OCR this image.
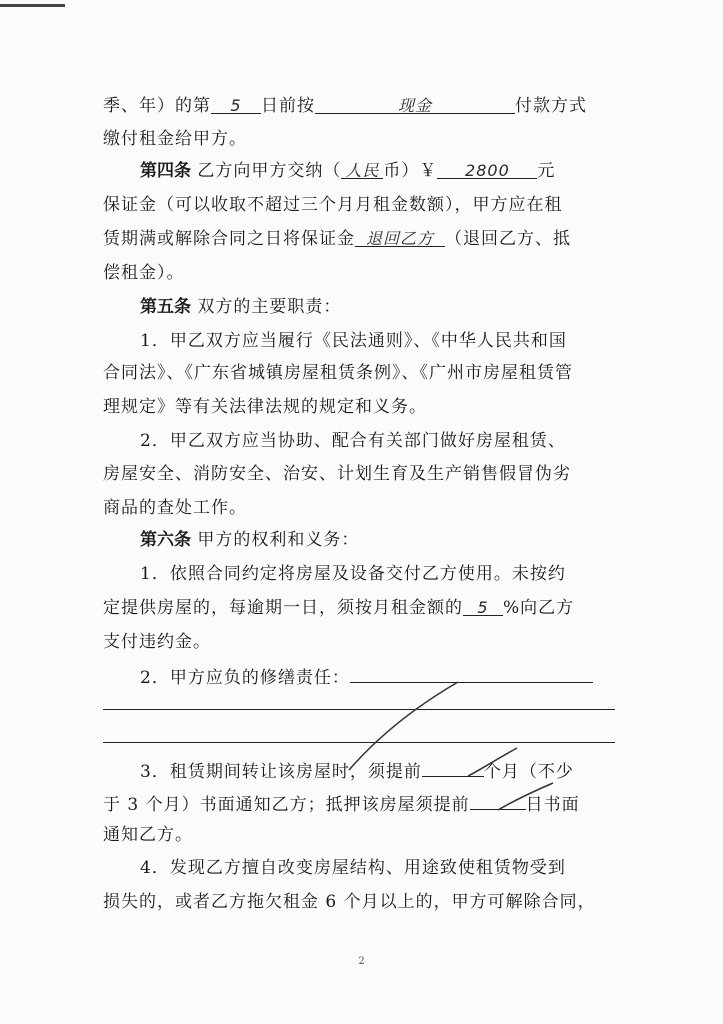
季、年）的第 5 日前按	现金	付款方式
缴付租金给甲方。
第四条 乙方向甲方交纳（ 人民 币）￥ 2800 元
保证金（可以收取不超过三个月月租金数额），甲方应在租
赁期满或解除合同之日将保证金 退回乙方 （退回乙方、抵
偿租金）。
第五条 双方的主要职责：
1．甲乙双方应当履行《民法通则》、《中华人民共和国
合同法》、《广东省城镇房屋租赁条例》、《广州市房屋租赁管
理规定》等有关法律法规的规定和义务。
2．甲乙双方应当协助、配合有关部门做好房屋租赁、
房屋安全、消防安全、治安、计划生育及生产销售假冒伪劣
商品的查处工作。
第六条 甲方的权利和义务：
1．依照合同约定将房屋及设备交付乙方使用。未按约
定提供房屋的，每逾期一日，须按月租金额的 5 %向乙方
支付违约金。
2．甲方应负的修缮责任：
3．租赁期间转让该房屋时，须提前	个月（不少
于 3 个月）书面通知乙方；抵押该房屋须提前	日书面
通知乙方。
4．发现乙方擅自改变房屋结构、用途致使租赁物受到
损失的，或者乙方拖欠租金 6 个月以上的，甲方可解除合同，
2
